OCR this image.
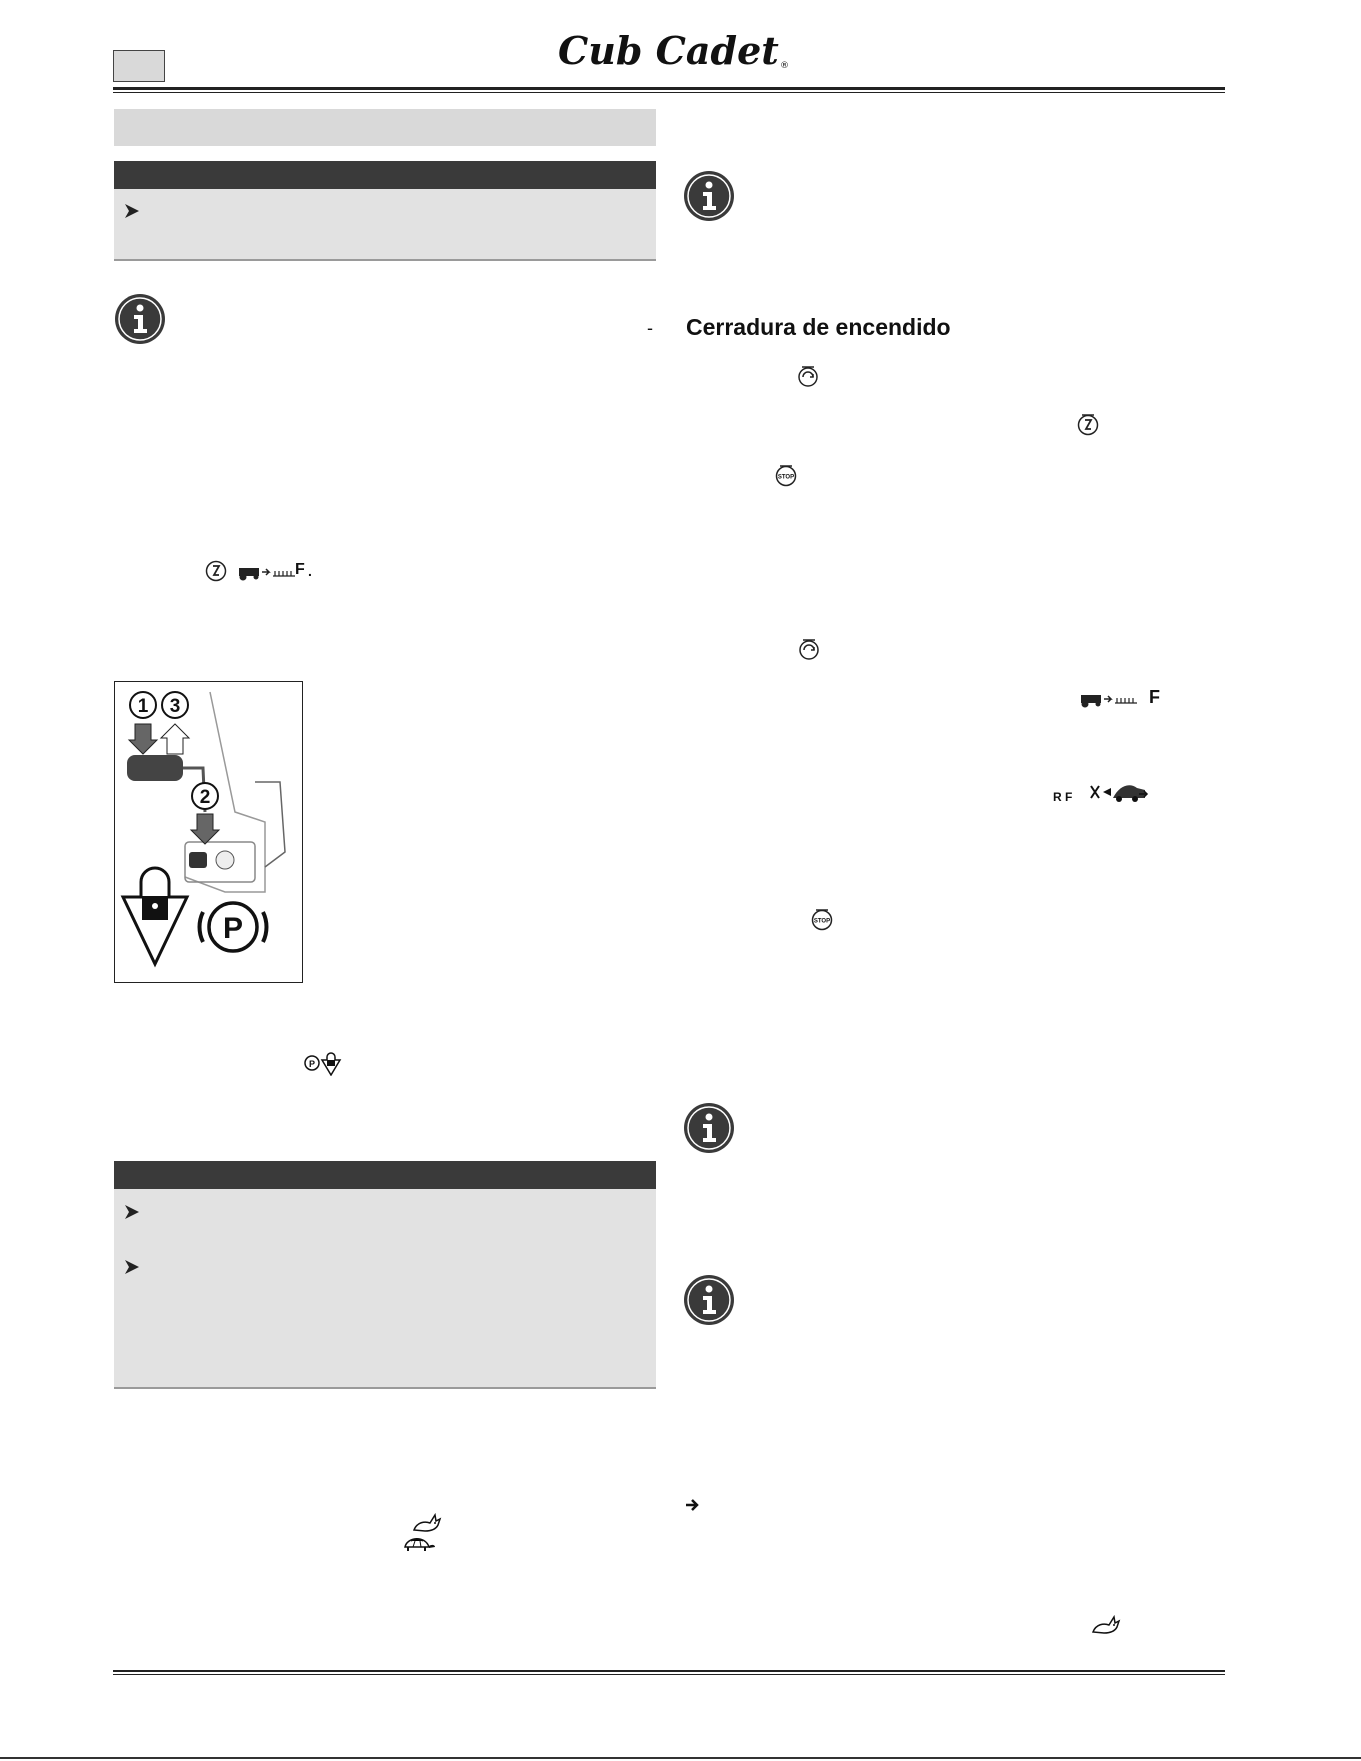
Cub Cadet ®
-
F .
1 3
2
P
P
Cerradura de encendido
STOP
F
R F
STOP
